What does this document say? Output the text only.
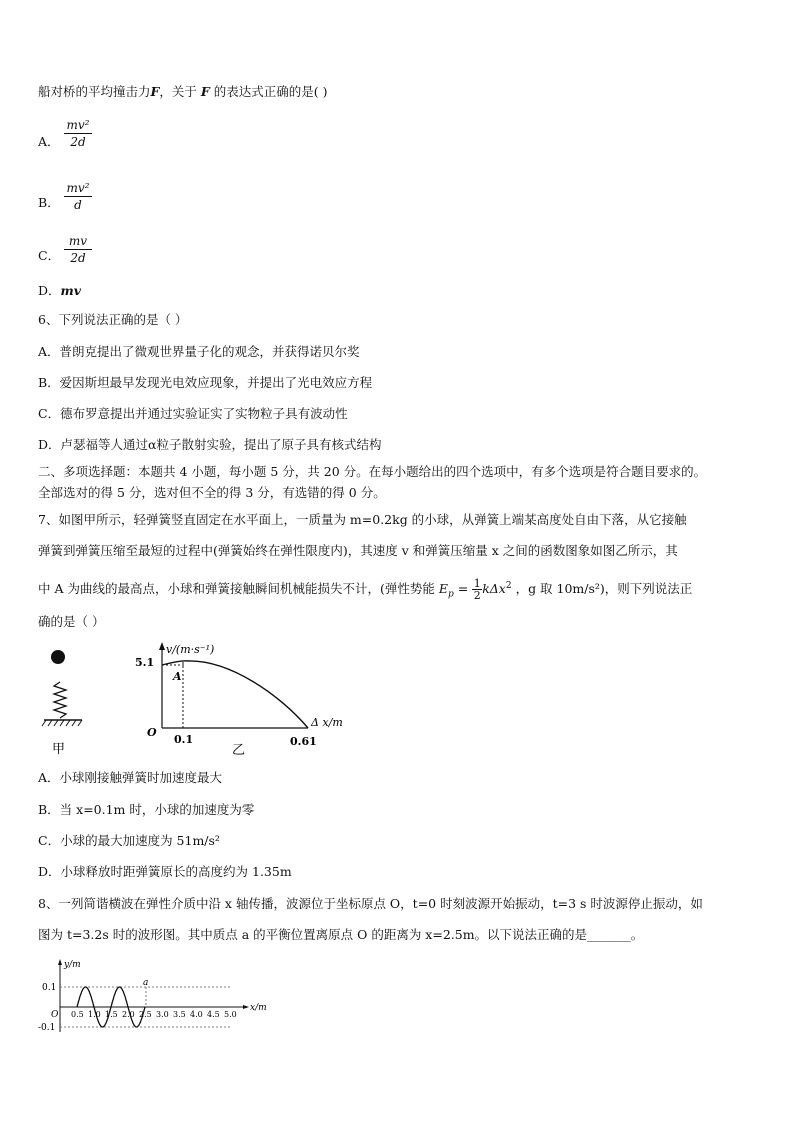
船对桥的平均撞击力F，关于 F 的表达式正确的是( )
A．
mv²
2d
B．
mv²
d
C．
mv
2d
D．mv
6、下列说法正确的是（ ）
A．普朗克提出了微观世界量子化的观念，并获得诺贝尔奖
B．爱因斯坦最早发现光电效应现象，并提出了光电效应方程
C．德布罗意提出并通过实验证实了实物粒子具有波动性
D．卢瑟福等人通过α粒子散射实验，提出了原子具有核式结构
二、多项选择题：本题共 4 小题，每小题 5 分，共 20 分。在每小题给出的四个选项中，有多个选项是符合题目要求的。
全部选对的得 5 分，选对但不全的得 3 分，有选错的得 0 分。
7、如图甲所示，轻弹簧竖直固定在水平面上，一质量为 m=0.2kg 的小球，从弹簧上端某高度处自由下落，从它接触
弹簧到弹簧压缩至最短的过程中(弹簧始终在弹性限度内)，其速度 v 和弹簧压缩量 x 之间的函数图象如图乙所示，其
中 A 为曲线的最高点，小球和弹簧接触瞬间机械能损失不计，(弹性势能 $E_p = \frac{1}{2} k\Delta x^2$ ，g 取 10m/s²)，则下列说法正
确的是（ ）
甲
v/(m·s⁻¹)
5.1
A
O
0.1	0.61
Δ x/m
乙
A．小球刚接触弹簧时加速度最大
B．当 x=0.1m 时，小球的加速度为零
C．小球的最大加速度为 51m/s²
D．小球释放时距弹簧原长的高度约为 1.35m
8、一列简谐横波在弹性介质中沿 x 轴传播，波源位于坐标原点 O，t=0 时刻波源开始振动，t=3 s 时波源停止振动，如
图为 t=3.2s 时的波形图。其中质点 a 的平衡位置离原点 O 的距离为 x=2.5m。以下说法正确的是_______。
y/m
0.1
-0.1
O
a
x/m
0.5 1.0 1.5 2.0 2.5 3.0 3.5 4.0 4.5 5.0
